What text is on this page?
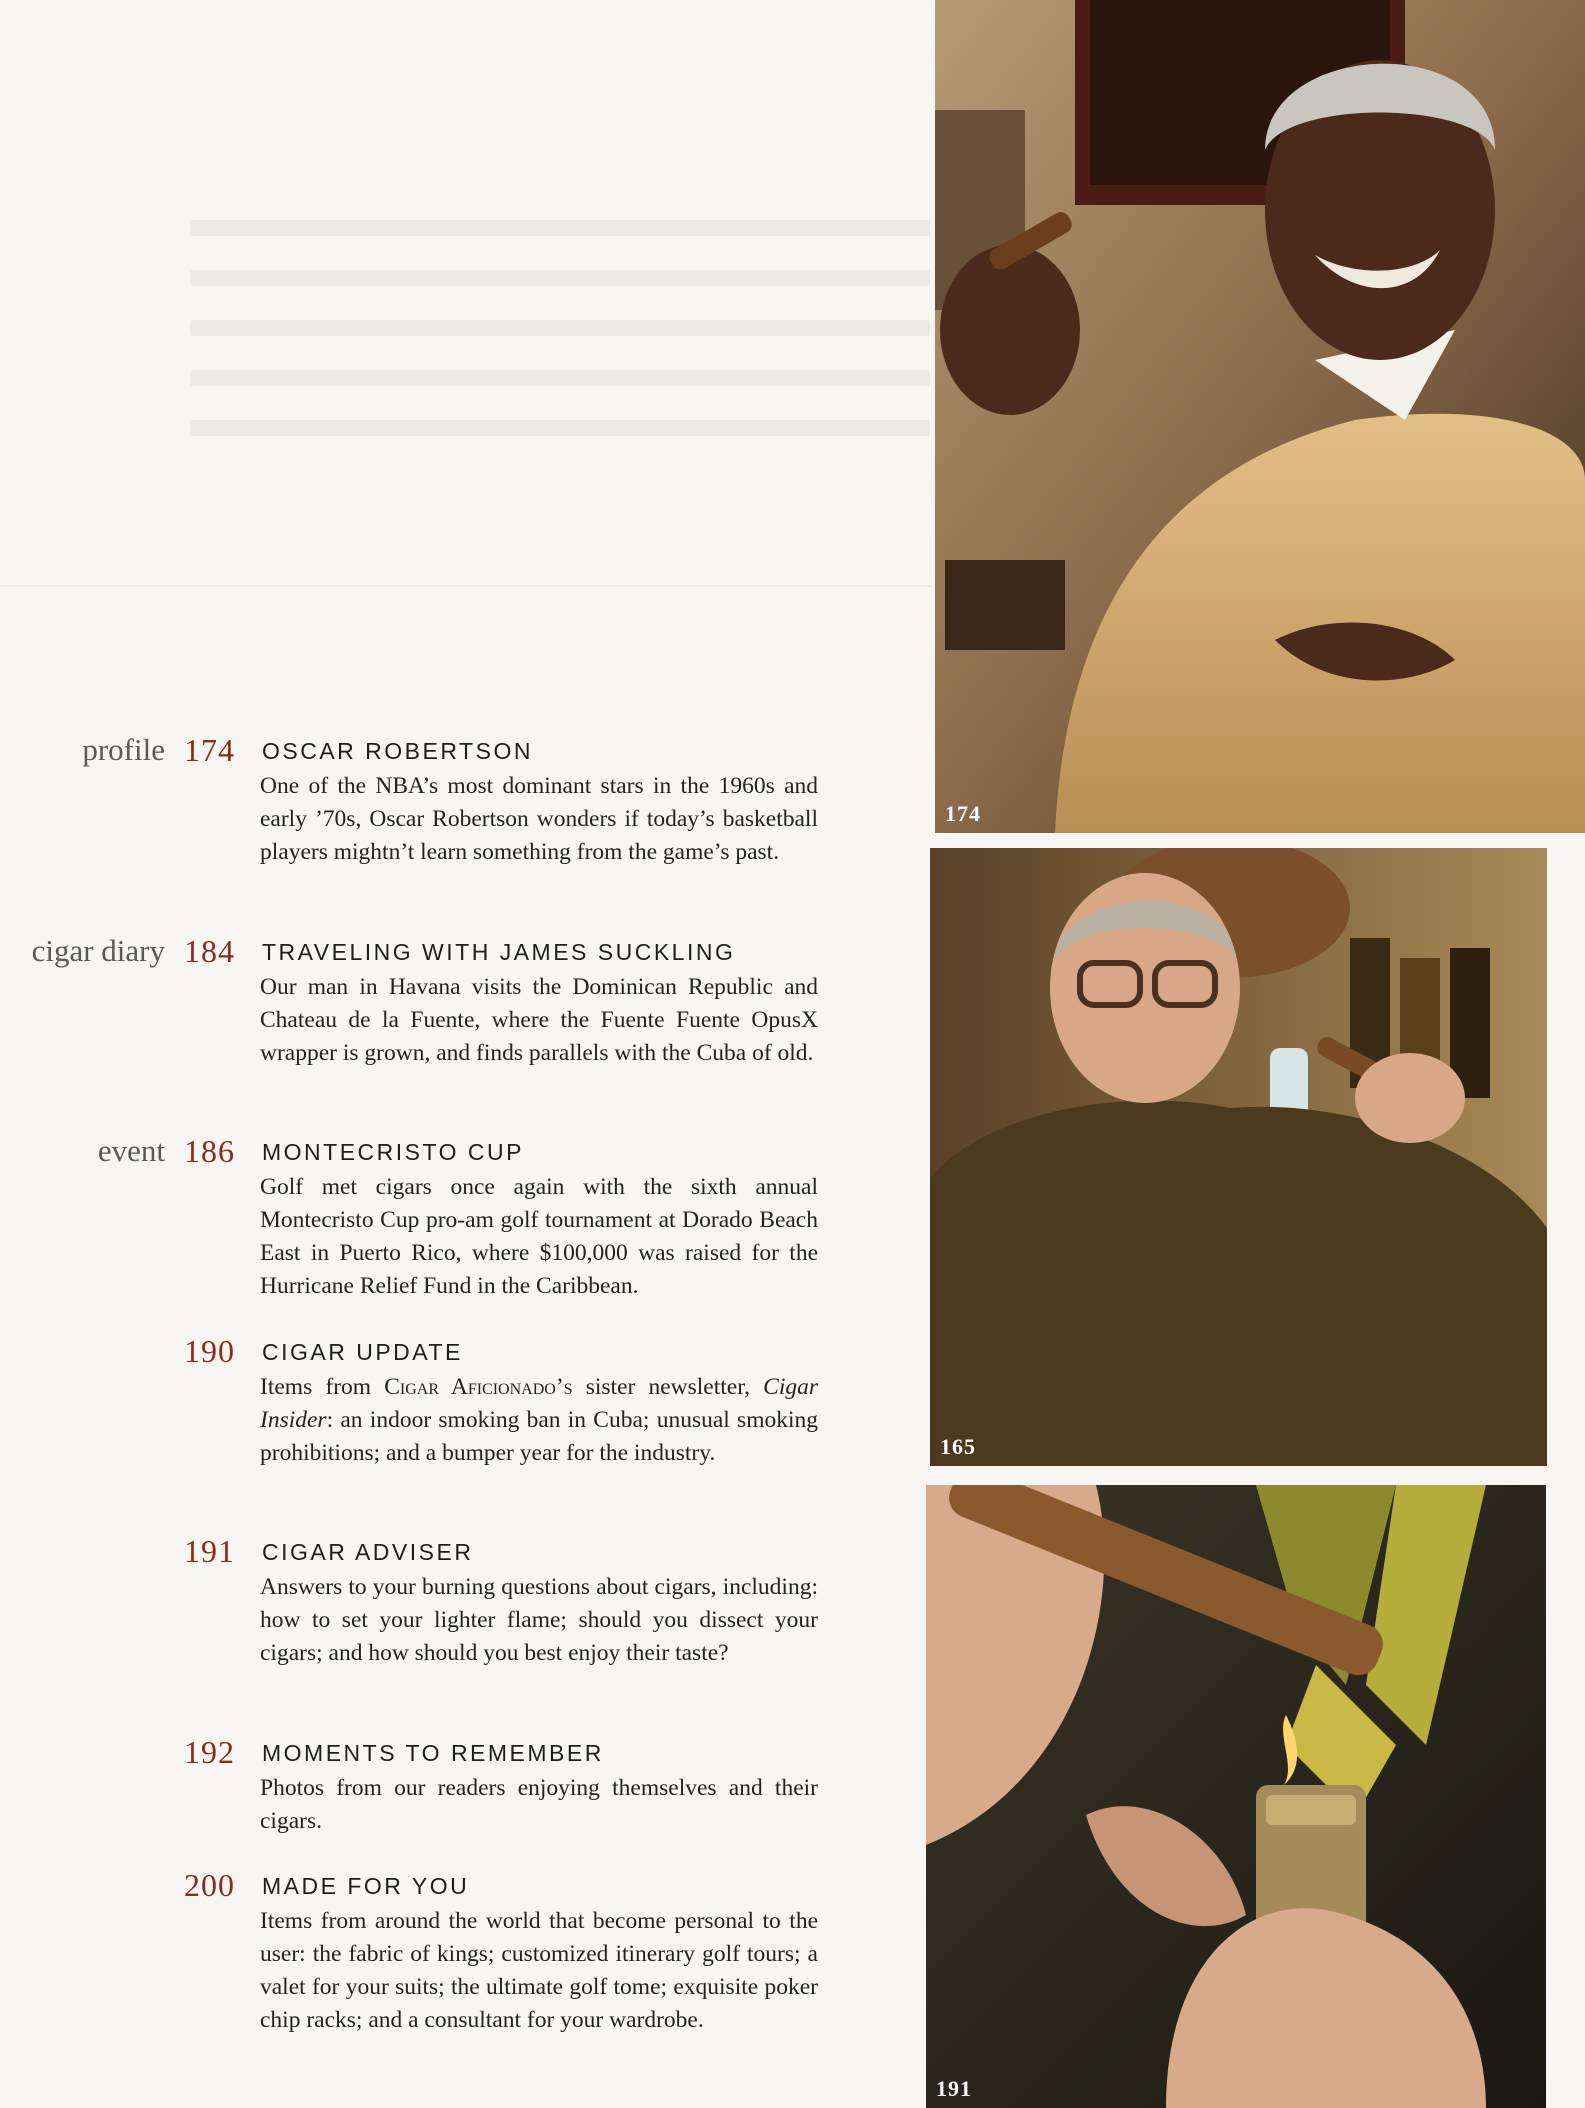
profile 174 OSCAR ROBERTSON
One of the NBA’s most dominant stars in the 1960s and early ’70s, Oscar Robertson wonders if today’s basketball players mightn’t learn something from the game’s past.
cigar diary 184 TRAVELING WITH JAMES SUCKLING
Our man in Havana visits the Dominican Republic and Chateau de la Fuente, where the Fuente Fuente OpusX wrapper is grown, and finds parallels with the Cuba of old.
event 186 MONTECRISTO CUP
Golf met cigars once again with the sixth annual Montecristo Cup pro-am golf tournament at Dorado Beach East in Puerto Rico, where $100,000 was raised for the Hurricane Relief Fund in the Caribbean.
190 CIGAR UPDATE
Items from Cigar Aficionado’s sister newsletter, Cigar Insider: an indoor smoking ban in Cuba; unusual smoking prohibitions; and a bumper year for the industry.
191 CIGAR ADVISER
Answers to your burning questions about cigars, including: how to set your lighter flame; should you dissect your cigars; and how should you best enjoy their taste?
192 MOMENTS TO REMEMBER
Photos from our readers enjoying themselves and their cigars.
200 MADE FOR YOU
Items from around the world that become personal to the user: the fabric of kings; customized itinerary golf tours; a valet for your suits; the ultimate golf tome; exquisite poker chip racks; and a consultant for your wardrobe.
174
165
191
